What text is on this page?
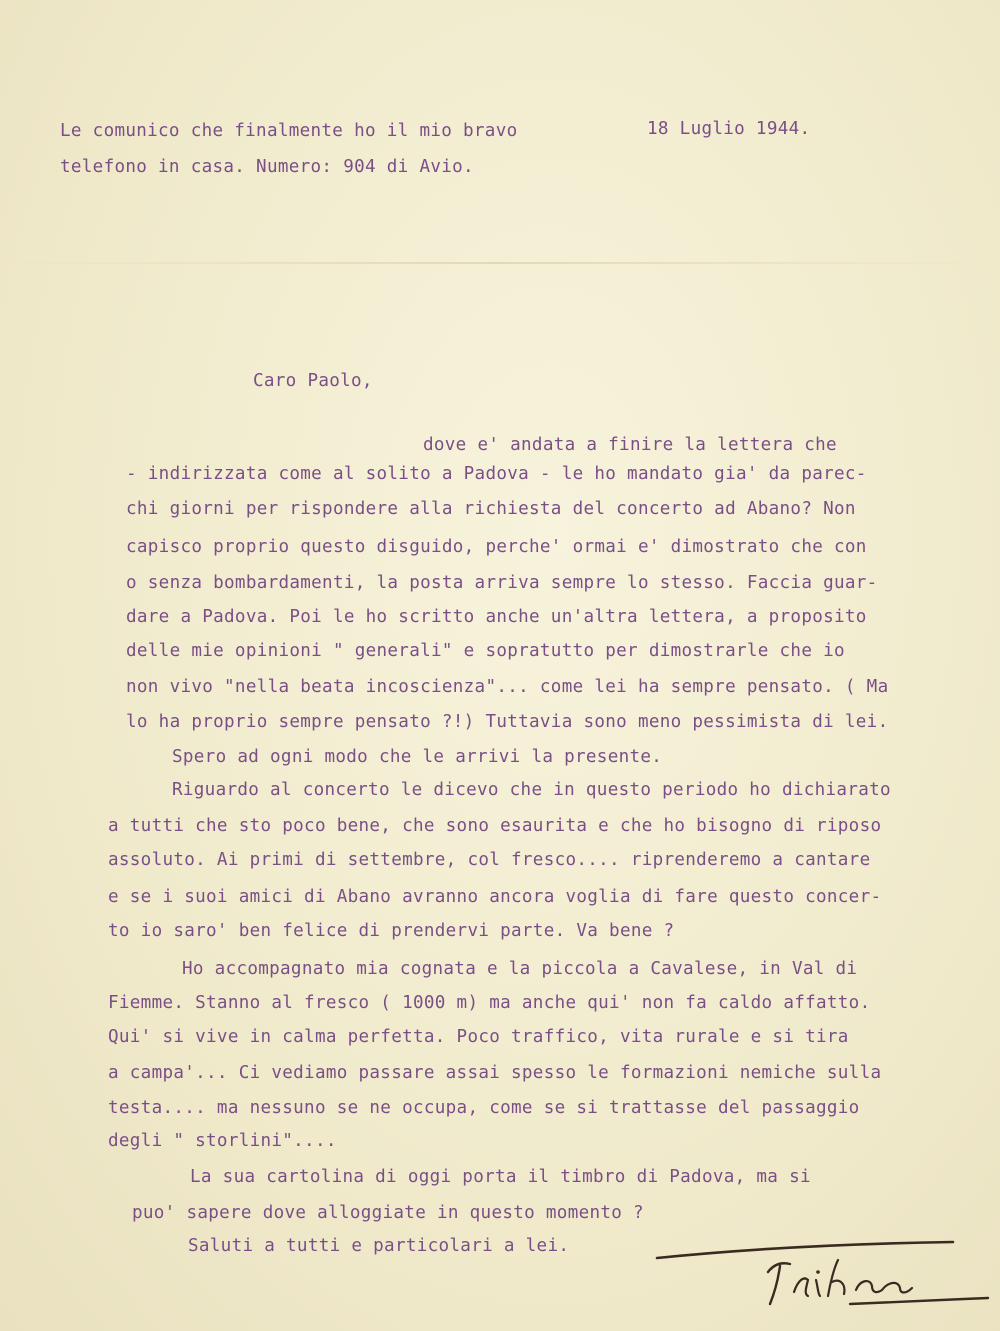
Le comunico che finalmente ho il mio bravo
telefono in casa. Numero: 904 di Avio.
18 Luglio 1944.
Caro Paolo,
dove e' andata a finire la lettera che
- indirizzata come al solito a Padova - le ho mandato gia' da parec-
chi giorni per rispondere alla richiesta del concerto ad Abano? Non
capisco proprio questo disguido, perche' ormai e' dimostrato che con
o senza bombardamenti, la posta arriva sempre lo stesso. Faccia guar-
dare a Padova. Poi le ho scritto anche un'altra lettera, a proposito
delle mie opinioni " generali" e sopratutto per dimostrarle che io
non vivo "nella beata incoscienza"... come lei ha sempre pensato. ( Ma
lo ha proprio sempre pensato ?!) Tuttavia sono meno pessimista di lei.
Spero ad ogni modo che le arrivi la presente.
Riguardo al concerto le dicevo che in questo periodo ho dichiarato
a tutti che sto poco bene, che sono esaurita e che ho bisogno di riposo
assoluto. Ai primi di settembre, col fresco.... riprenderemo a cantare
e se i suoi amici di Abano avranno ancora voglia di fare questo concer-
to io saro' ben felice di prendervi parte. Va bene ?
Ho accompagnato mia cognata e la piccola a Cavalese, in Val di
Fiemme. Stanno al fresco ( 1000 m) ma anche qui' non fa caldo affatto.
Qui' si vive in calma perfetta. Poco traffico, vita rurale e si tira
a campa'... Ci vediamo passare assai spesso le formazioni nemiche sulla
testa.... ma nessuno se ne occupa, come se si trattasse del passaggio
degli " storlini"....
La sua cartolina di oggi porta il timbro di Padova, ma si
puo' sapere dove alloggiate in questo momento ?
Saluti a tutti e particolari a lei.
